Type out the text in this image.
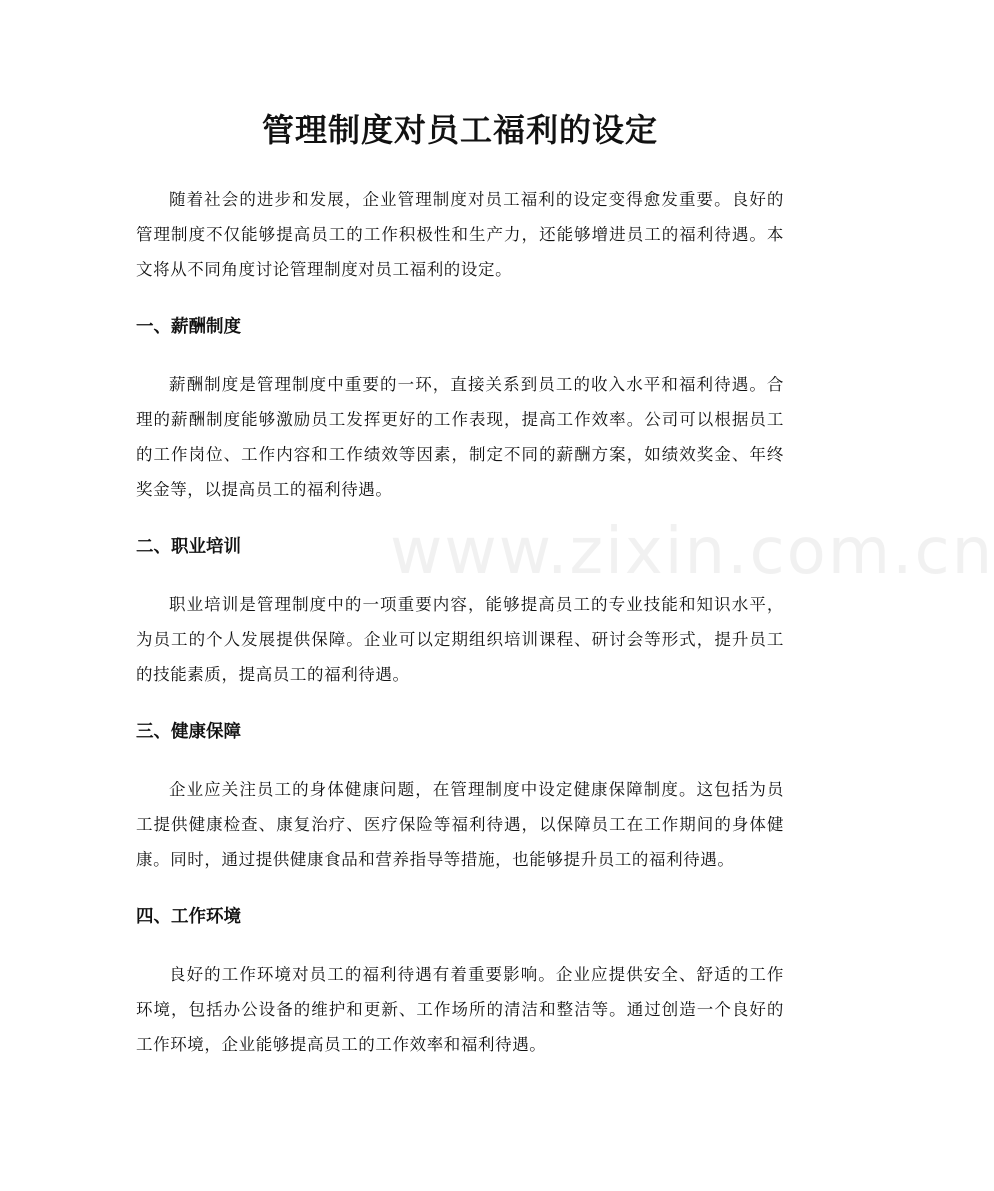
www.zixin.com.cn
管理制度对员工福利的设定

随着社会的进步和发展，企业管理制度对员工福利的设定变得愈发重要。良好的管理制度不仅能够提高员工的工作积极性和生产力，还能够增进员工的福利待遇。本文将从不同角度讨论管理制度对员工福利的设定。

一、薪酬制度

薪酬制度是管理制度中重要的一环，直接关系到员工的收入水平和福利待遇。合理的薪酬制度能够激励员工发挥更好的工作表现，提高工作效率。公司可以根据员工的工作岗位、工作内容和工作绩效等因素，制定不同的薪酬方案，如绩效奖金、年终奖金等，以提高员工的福利待遇。

二、职业培训

职业培训是管理制度中的一项重要内容，能够提高员工的专业技能和知识水平，为员工的个人发展提供保障。企业可以定期组织培训课程、研讨会等形式，提升员工的技能素质，提高员工的福利待遇。

三、健康保障

企业应关注员工的身体健康问题，在管理制度中设定健康保障制度。这包括为员工提供健康检查、康复治疗、医疗保险等福利待遇，以保障员工在工作期间的身体健康。同时，通过提供健康食品和营养指导等措施，也能够提升员工的福利待遇。

四、工作环境

良好的工作环境对员工的福利待遇有着重要影响。企业应提供安全、舒适的工作环境，包括办公设备的维护和更新、工作场所的清洁和整洁等。通过创造一个良好的工作环境，企业能够提高员工的工作效率和福利待遇。
